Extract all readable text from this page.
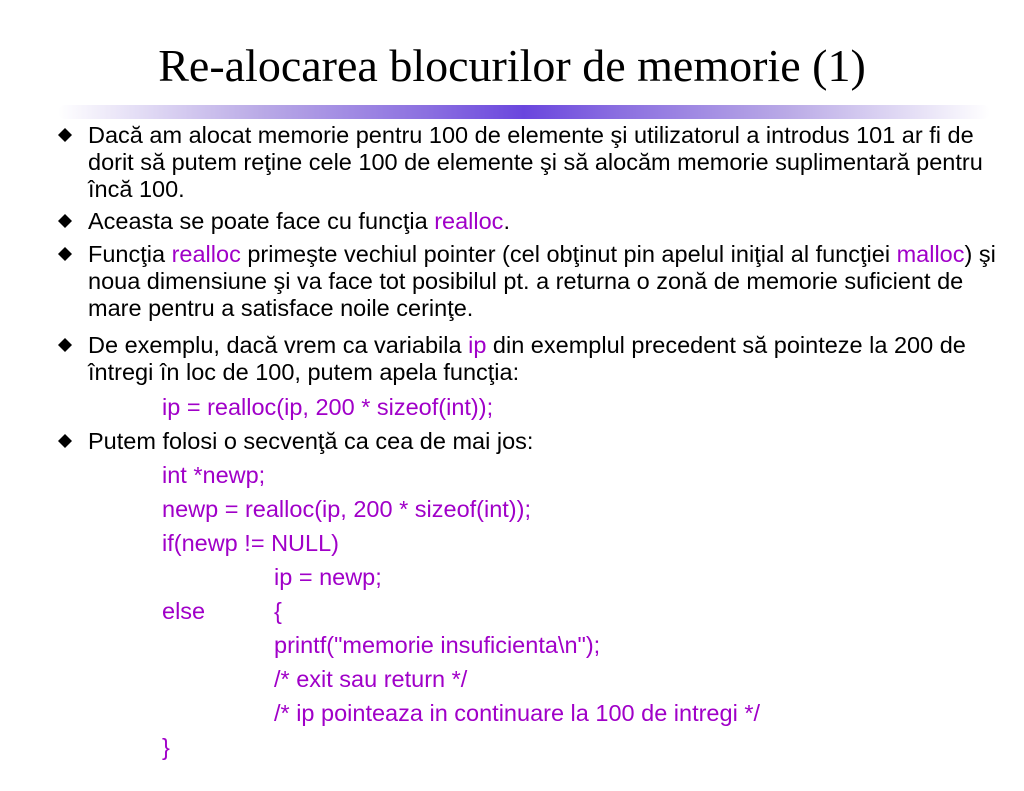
Re-alocarea blocurilor de memorie (1)
Dacă am alocat memorie pentru 100 de elemente şi utilizatorul a introdus 101 ar fi de dorit să putem reţine cele 100 de elemente şi să alocăm memorie suplimentară pentru încă 100.
Aceasta se poate face cu funcţia realloc.
Funcţia realloc primeşte vechiul pointer (cel obţinut pin apelul iniţial al funcţiei malloc) şi noua dimensiune şi va face tot posibilul pt. a returna o zonă de memorie suficient de mare pentru a satisface noile cerinţe.
De exemplu, dacă vrem ca variabila ip din exemplul precedent să pointeze la 200 de întregi în loc de 100, putem apela funcţia:
ip = realloc(ip, 200 * sizeof(int));
Putem folosi o secvenţă ca cea de mai jos:
int *newp;
newp = realloc(ip, 200 * sizeof(int));
if(newp != NULL)
ip = newp;
else	{
printf("memorie insuficienta\n");
/* exit sau return */
/* ip pointeaza in continuare la 100 de intregi */
}
